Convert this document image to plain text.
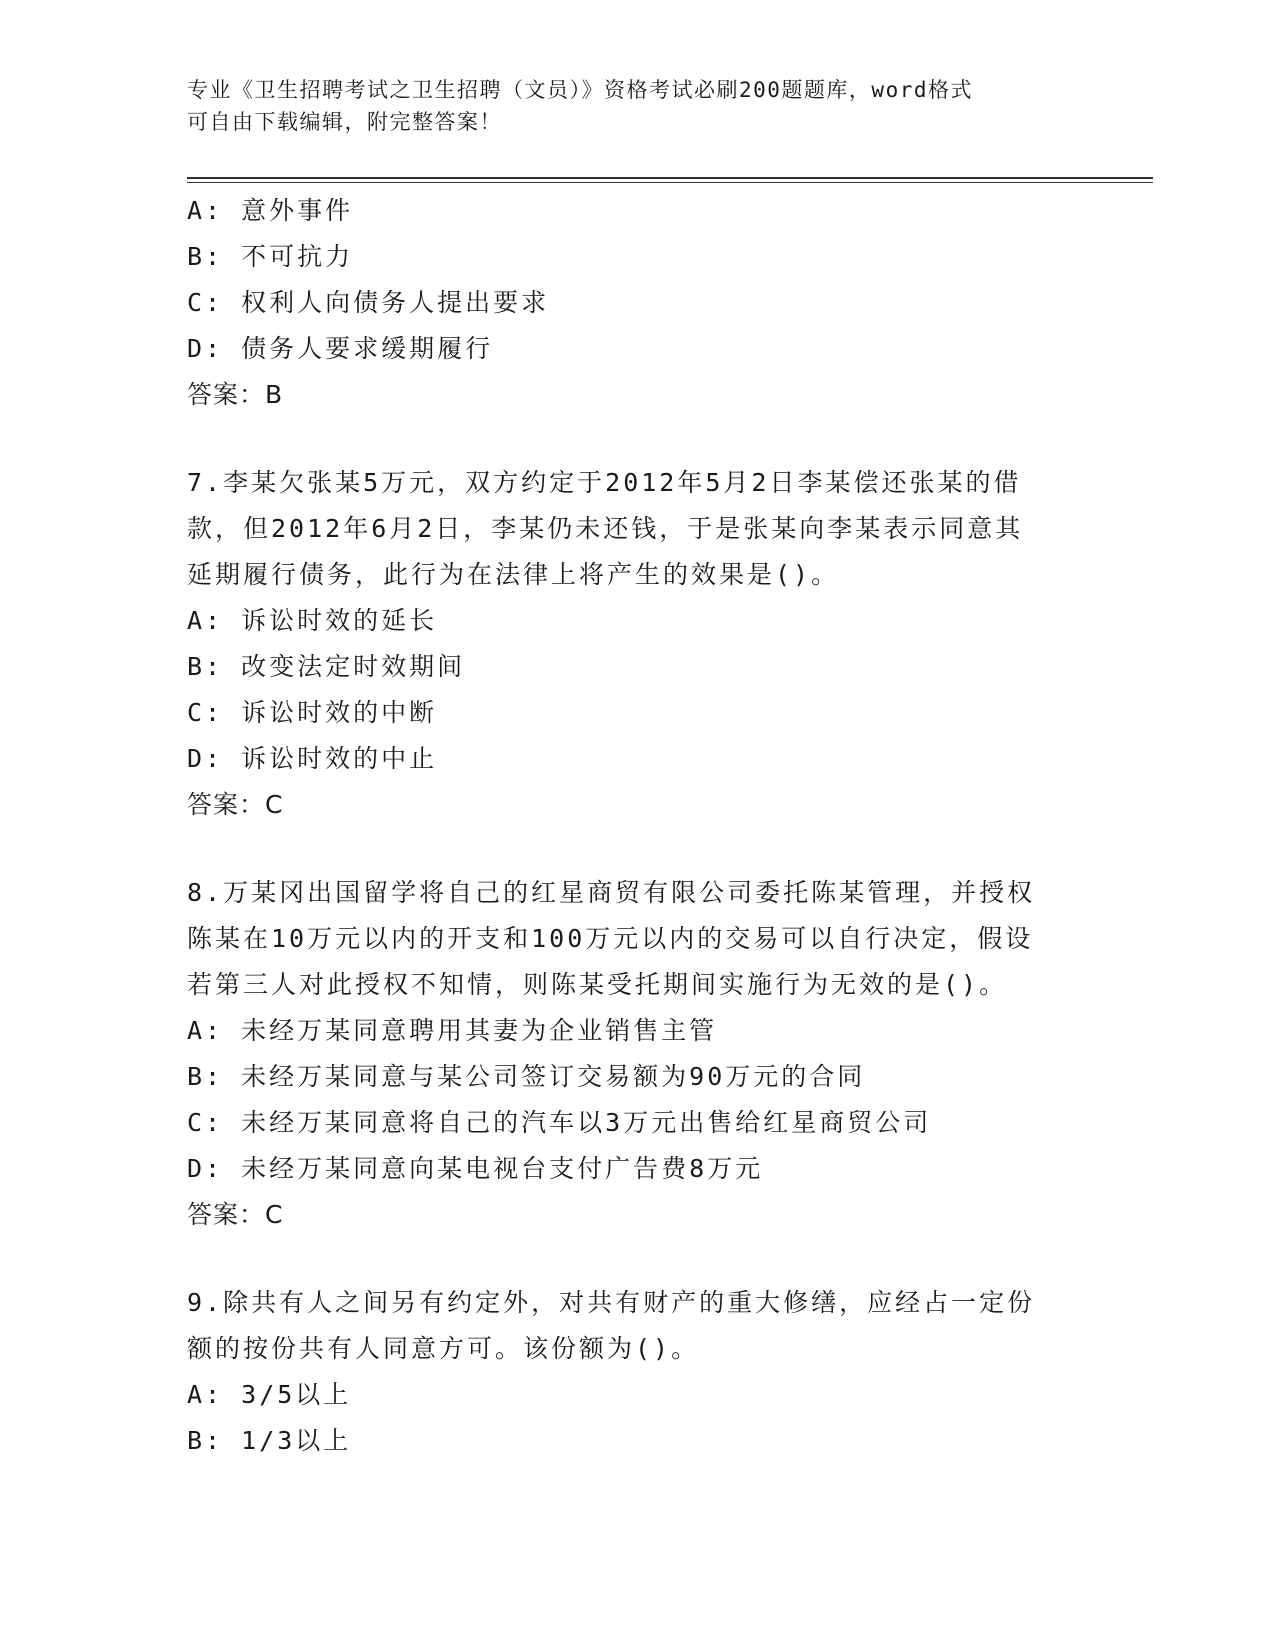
专业《卫生招聘考试之卫生招聘（文员）》资格考试必刷200题题库，word格式
可自由下载编辑，附完整答案！
A: 意外事件
B: 不可抗力
C: 权利人向债务人提出要求
D: 债务人要求缓期履行
答案：B
7.李某欠张某5万元，双方约定于2012年5月2日李某偿还张某的借
款，但2012年6月2日，李某仍未还钱，于是张某向李某表示同意其
延期履行债务，此行为在法律上将产生的效果是()。
A: 诉讼时效的延长
B: 改变法定时效期间
C: 诉讼时效的中断
D: 诉讼时效的中止
答案：C
8.万某冈出国留学将自己的红星商贸有限公司委托陈某管理，并授权
陈某在10万元以内的开支和100万元以内的交易可以自行决定，假设
若第三人对此授权不知情，则陈某受托期间实施行为无效的是()。
A: 未经万某同意聘用其妻为企业销售主管
B: 未经万某同意与某公司签订交易额为90万元的合同
C: 未经万某同意将自己的汽车以3万元出售给红星商贸公司
D: 未经万某同意向某电视台支付广告费8万元
答案：C
9.除共有人之间另有约定外，对共有财产的重大修缮，应经占一定份
额的按份共有人同意方可。该份额为()。
A: 3/5以上
B: 1/3以上
